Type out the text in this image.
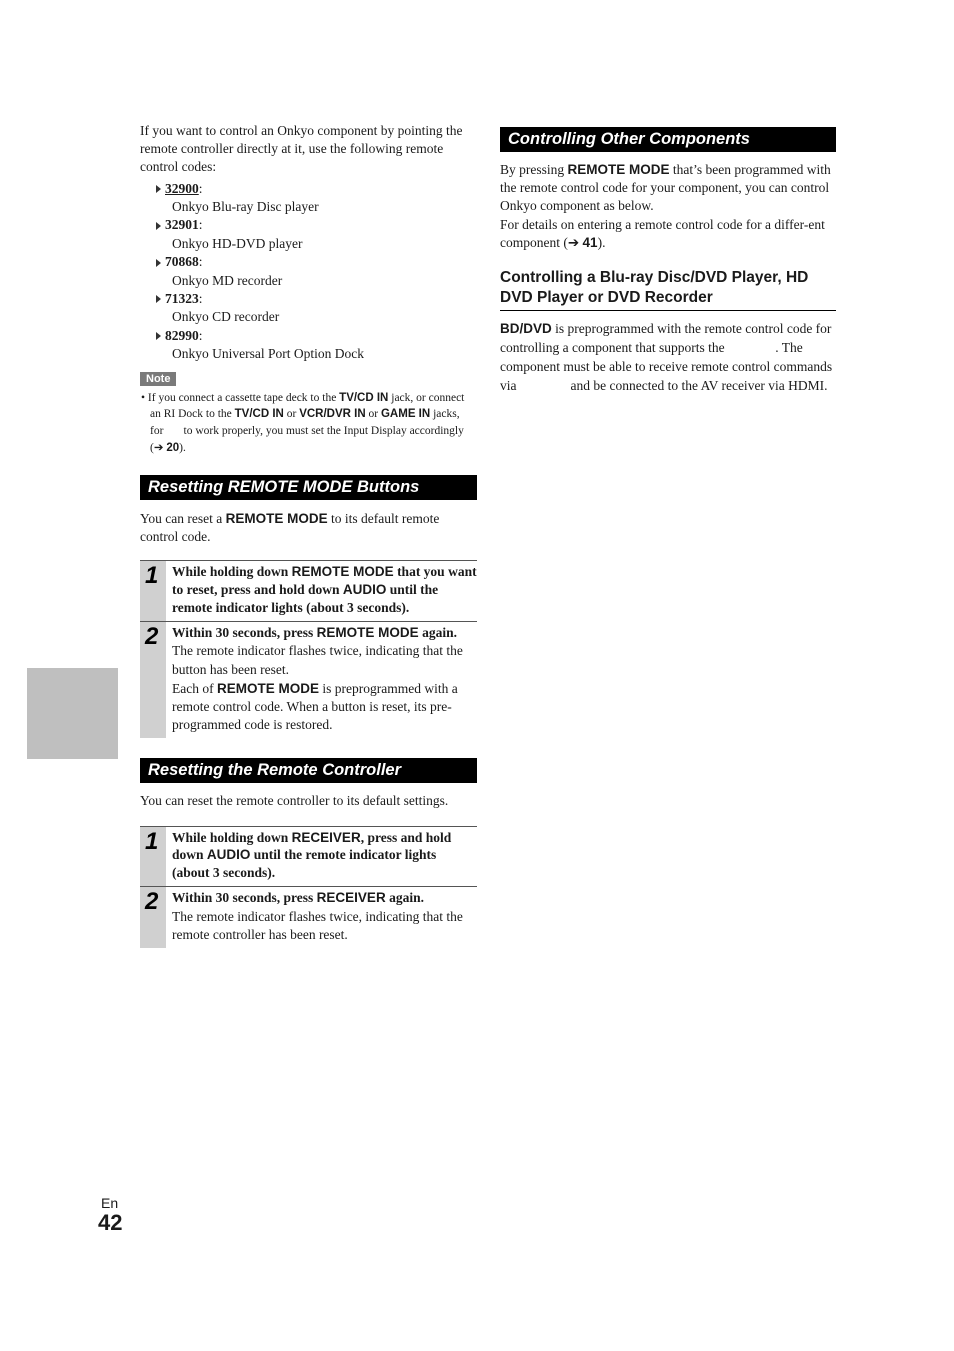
If you want to control an Onkyo component by pointing the remote controller directly at it, use the following remote control codes:

32900:
Onkyo Blu-ray Disc player
32901:
Onkyo HD-DVD player
70868:
Onkyo MD recorder
71323:
Onkyo CD recorder
82990:
Onkyo Universal Port Option Dock
Note
• If you connect a cassette tape deck to the TV/CD IN jack, or connect an RI Dock to the TV/CD IN or VCR/DVR IN or GAME IN jacks, for to work properly, you must set the Input Display accordingly (➔ 20).
Resetting REMOTE MODE Buttons

You can reset a REMOTE MODE to its default remote control code.

1 While holding down REMOTE MODE that you want to reset, press and hold down AUDIO until the remote indicator lights (about 3 seconds).
2 Within 30 seconds, press REMOTE MODE again.
The remote indicator flashes twice, indicating that the button has been reset.
Each of REMOTE MODE is preprogrammed with a remote control code. When a button is reset, its pre-programmed code is restored.
Resetting the Remote Controller

You can reset the remote controller to its default settings.

1 While holding down RECEIVER, press and hold down AUDIO until the remote indicator lights (about 3 seconds).
2 Within 30 seconds, press RECEIVER again.
The remote indicator flashes twice, indicating that the remote controller has been reset.
Controlling Other Components

By pressing REMOTE MODE that’s been programmed with the remote control code for your component, you can control Onkyo component as below.

For details on entering a remote control code for a differ-ent component (➔ 41).

Controlling a Blu-ray Disc/DVD Player, HD DVD Player or DVD Recorder

BD/DVD is preprogrammed with the remote control code for controlling a component that supports the	. The component must be able to receive remote control commands via	and be connected to the AV receiver via HDMI.

En
42
